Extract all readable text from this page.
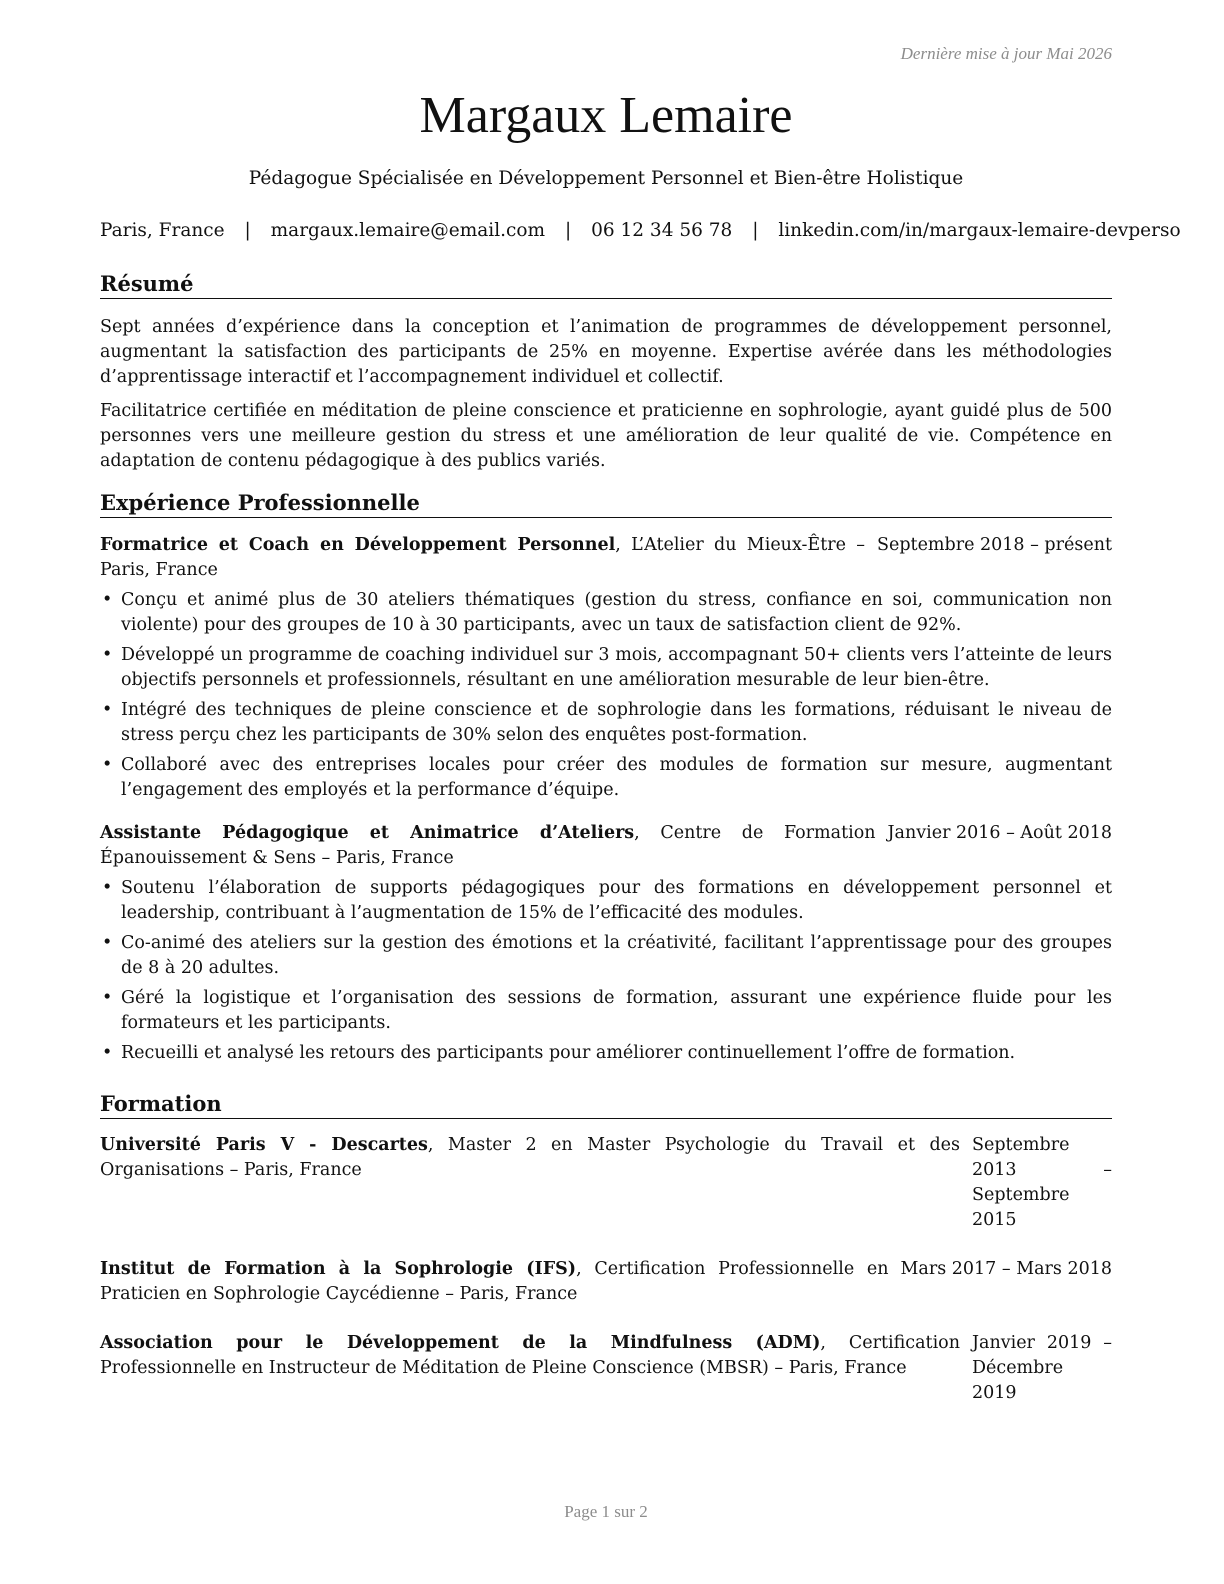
Dernière mise à jour Mai 2026
Margaux Lemaire
Pédagogue Spécialisée en Développement Personnel et Bien-être Holistique
Paris, France | margaux.lemaire@email.com | 06 12 34 56 78 | linkedin.com/in/margaux-lemaire-devperso
Résumé

Sept années d’expérience dans la conception et l’animation de programmes de développement personnel, augmentant la satisfaction des participants de 25% en moyenne. Expertise avérée dans les méthodologies d’apprentissage interactif et l’accompagnement individuel et collectif.

Facilitatrice certifiée en méditation de pleine conscience et praticienne en sophrologie, ayant guidé plus de 500 personnes vers une meilleure gestion du stress et une amélioration de leur qualité de vie. Compétence en adaptation de contenu pédagogique à des publics variés.

Expérience Professionnelle
Formatrice et Coach en Développement Personnel, L’Atelier du Mieux-Être – Paris, France
Septembre 2018 – présent
• Conçu et animé plus de 30 ateliers thématiques (gestion du stress, confiance en soi, communication non violente) pour des groupes de 10 à 30 participants, avec un taux de satisfaction client de 92%.
• Développé un programme de coaching individuel sur 3 mois, accompagnant 50+ clients vers l’atteinte de leurs objectifs personnels et professionnels, résultant en une amélioration mesurable de leur bien-être.
• Intégré des techniques de pleine conscience et de sophrologie dans les formations, réduisant le niveau de stress perçu chez les participants de 30% selon des enquêtes post-formation.
• Collaboré avec des entreprises locales pour créer des modules de formation sur mesure, augmentant l’engagement des employés et la performance d’équipe.
Assistante Pédagogique et Animatrice d’Ateliers, Centre de Formation Épanouissement & Sens – Paris, France
Janvier 2016 – Août 2018
• Soutenu l’élaboration de supports pédagogiques pour des formations en développement personnel et leadership, contribuant à l’augmentation de 15% de l’efficacité des modules.
• Co-animé des ateliers sur la gestion des émotions et la créativité, facilitant l’apprentissage pour des groupes de 8 à 20 adultes.
• Géré la logistique et l’organisation des sessions de formation, assurant une expérience fluide pour les formateurs et les participants.
• Recueilli et analysé les retours des participants pour améliorer continuellement l’offre de formation.
Formation
Université Paris V - Descartes, Master 2 en Master Psychologie du Travail et des Organisations – Paris, France
Septembre 2013 – Septembre 2015
Institut de Formation à la Sophrologie (IFS), Certification Professionnelle en Praticien en Sophrologie Caycédienne – Paris, France
Mars 2017 – Mars 2018
Association pour le Développement de la Mindfulness (ADM), Certification Professionnelle en Instructeur de Méditation de Pleine Conscience (MBSR) – Paris, France
Janvier 2019 – Décembre 2019
Page 1 sur 2
